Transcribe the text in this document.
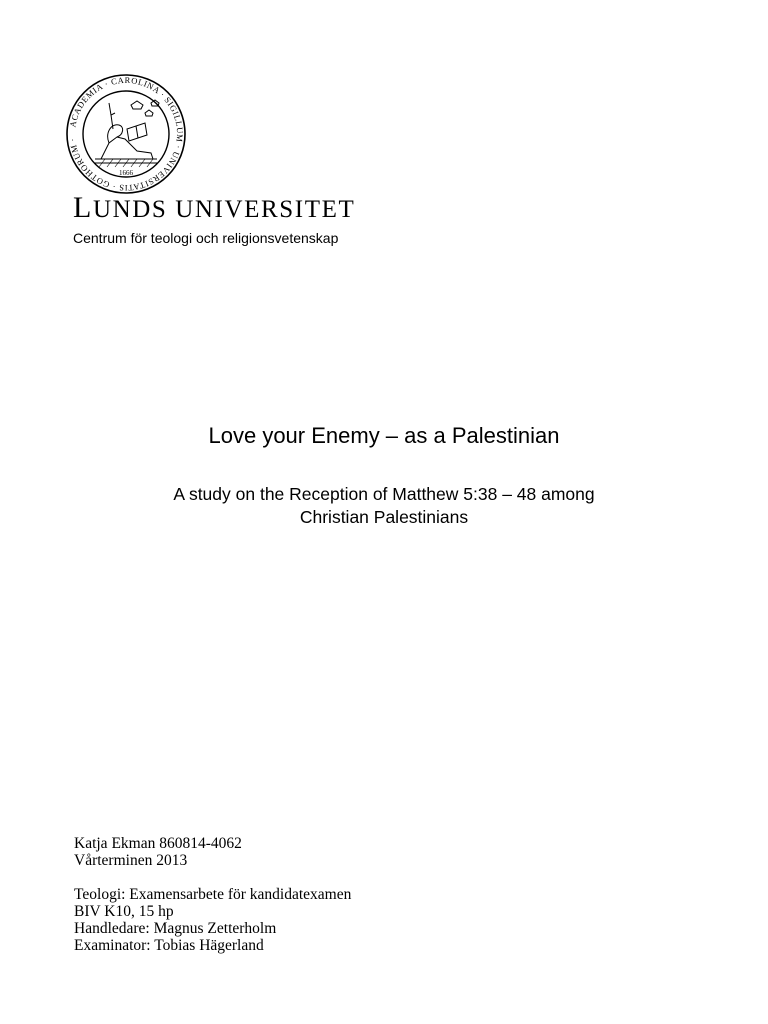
ACADEMIA · CAROLINA · SIGILLUM · UNIVERSITATIS · GOTHORUM ·
1666
LUNDS UNIVERSITET
Centrum för teologi och religionsvetenskap
Love your Enemy – as a Palestinian
A study on the Reception of Matthew 5:38 – 48 among
Christian Palestinians
Katja Ekman 860814-4062
Vårterminen 2013
Teologi: Examensarbete för kandidatexamen
BIV K10, 15 hp
Handledare: Magnus Zetterholm
Examinator: Tobias Hägerland
